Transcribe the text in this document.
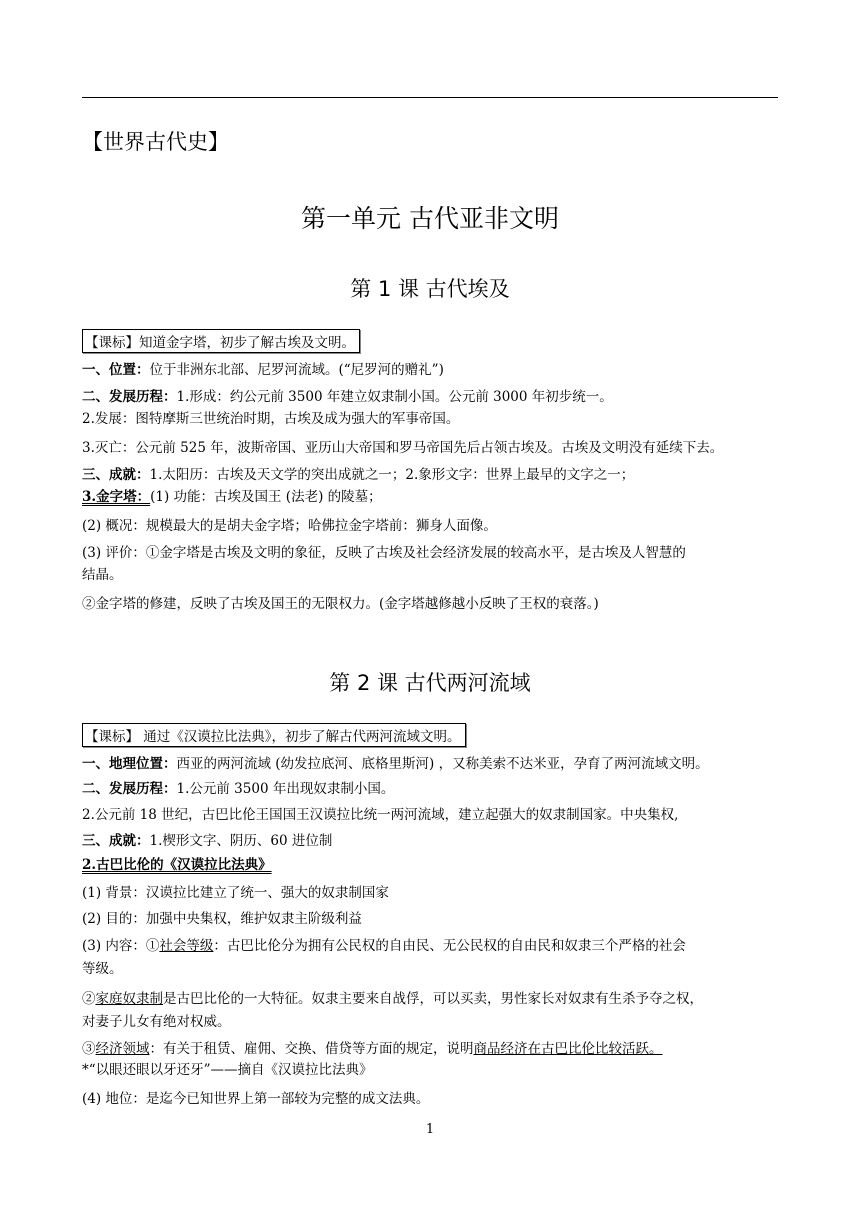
【世界古代史】
第一单元 古代亚非文明
第 1 课 古代埃及
【课标】知道金字塔，初步了解古埃及文明。
一、位置：位于非洲东北部、尼罗河流域。(“尼罗河的赠礼”)
二、发展历程：1.形成：约公元前 3500 年建立奴隶制小国。公元前 3000 年初步统一。
2.发展：图特摩斯三世统治时期，古埃及成为强大的军事帝国。
3.灭亡：公元前 525 年，波斯帝国、亚历山大帝国和罗马帝国先后占领古埃及。古埃及文明没有延续下去。
三、成就：1.太阳历：古埃及天文学的突出成就之一；2.象形文字：世界上最早的文字之一；
3.金字塔：(1) 功能：古埃及国王 (法老) 的陵墓；
(2) 概况：规模最大的是胡夫金字塔；哈佛拉金字塔前：狮身人面像。
(3) 评价：①金字塔是古埃及文明的象征，反映了古埃及社会经济发展的较高水平，是古埃及人智慧的
结晶。
②金字塔的修建，反映了古埃及国王的无限权力。(金字塔越修越小反映了王权的衰落。)
第 2 课 古代两河流域
【课标】 通过《汉谟拉比法典》，初步了解古代两河流域文明。
一、地理位置：西亚的两河流域 (幼发拉底河、底格里斯河) ，又称美索不达米亚，孕育了两河流域文明。
二、发展历程：1.公元前 3500 年出现奴隶制小国。
2.公元前 18 世纪，古巴比伦王国国王汉谟拉比统一两河流域，建立起强大的奴隶制国家。中央集权,
三、成就：1.楔形文字、阴历、60 进位制
2.古巴比伦的《汉谟拉比法典》
(1) 背景：汉谟拉比建立了统一、强大的奴隶制国家
(2) 目的：加强中央集权，维护奴隶主阶级利益
(3) 内容：①社会等级：古巴比伦分为拥有公民权的自由民、无公民权的自由民和奴隶三个严格的社会
等级。
②家庭奴隶制是古巴比伦的一大特征。奴隶主要来自战俘，可以买卖，男性家长对奴隶有生杀予夺之权，
对妻子儿女有绝对权威。
③经济领域：有关于租赁、雇佣、交换、借贷等方面的规定，说明商品经济在古巴比伦比较活跃。
*“以眼还眼以牙还牙”——摘自《汉谟拉比法典》
(4) 地位：是迄今已知世界上第一部较为完整的成文法典。
1
